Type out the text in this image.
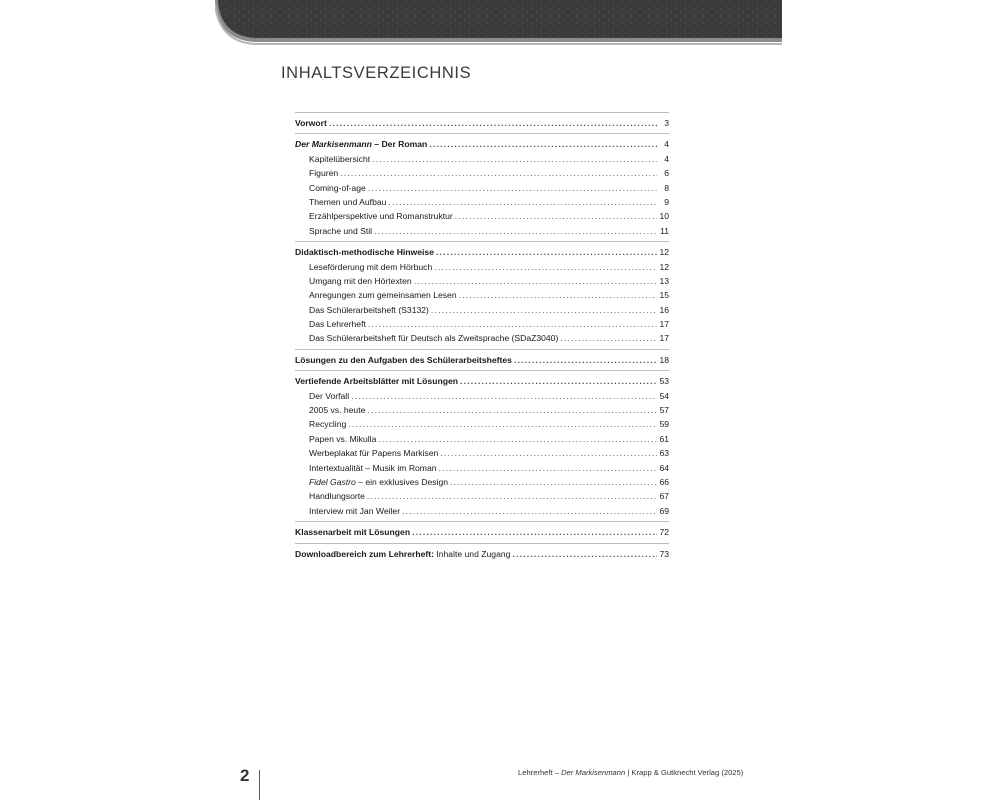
INHALTSVERZEICHNIS
Vorwort .....	3
Der Markisenmann – Der Roman .....	4
Kapitelübersicht .....	4
Figuren .....	6
Coming-of-age .....	8
Themen und Aufbau .....	9
Erzählperspektive und Romanstruktur .....	10
Sprache und Stil .....	11
Didaktisch-methodische Hinweise .....	12
Leseförderung mit dem Hörbuch .....	12
Umgang mit den Hörtexten .....	13
Anregungen zum gemeinsamen Lesen .....	15
Das Schülerarbeitsheft (S3132) .....	16
Das Lehrerheft .....	17
Das Schülerarbeitsheft für Deutsch als Zweitsprache (SDaZ3040) .....	17
Lösungen zu den Aufgaben des Schülerarbeitsheftes .....	18
Vertiefende Arbeitsblätter mit Lösungen .....	53
Der Vorfall .....	54
2005 vs. heute .....	57
Recycling .....	59
Papen vs. Mikulla .....	61
Werbeplakat für Papens Markisen .....	63
Intertextualität – Musik im Roman .....	64
Fidel Gastro – ein exklusives Design .....	66
Handlungsorte .....	67
Interview mit Jan Weiler .....	69
Klassenarbeit mit Lösungen .....	72
Downloadbereich zum Lehrerheft: Inhalte und Zugang .....	73
2	Lehrerheft – Der Markisenmann | Krapp & Gutknecht Verlag (2025)
